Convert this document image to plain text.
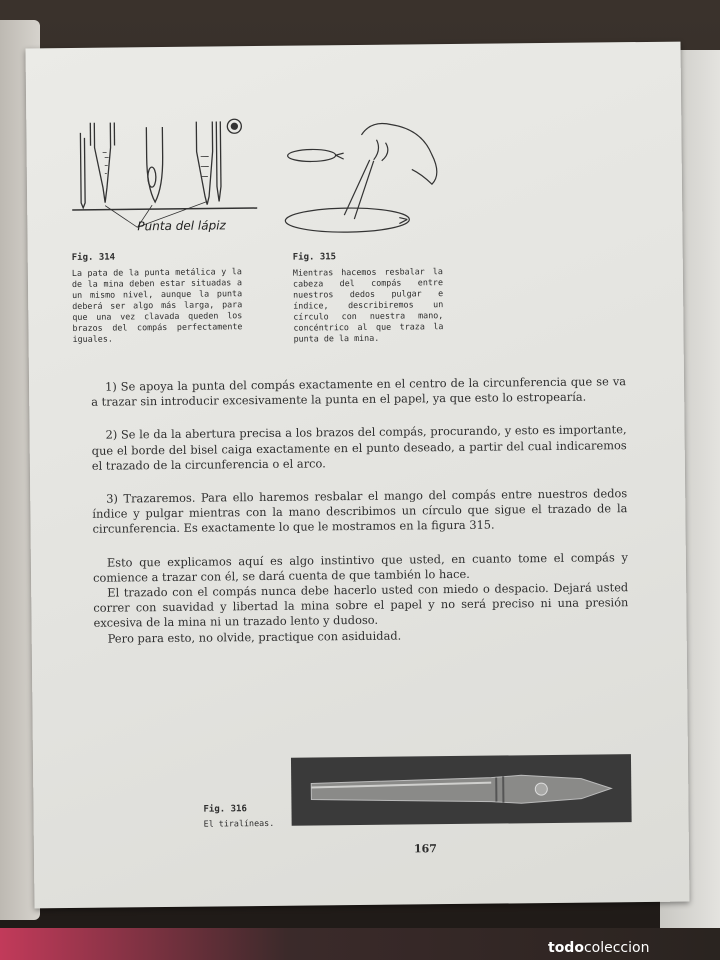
Punta del lápiz
Fig. 314
La pata de la punta metálica y la de la mina deben estar situadas a un mismo nivel, aunque la punta deberá ser algo más larga, para que una vez clavada queden los brazos del compás perfectamente iguales.
Fig. 315
Mientras hacemos resbalar la cabeza del compás entre nuestros dedos pulgar e índice, describiremos un círculo con nuestra mano, concéntrico al que traza la punta de la mina.

1) Se apoya la punta del compás exactamente en el centro de la circunferencia que se va a trazar sin introducir excesivamente la punta en el papel, ya que esto lo estropearía.

2) Se le da la abertura precisa a los brazos del compás, procurando, y esto es importante, que el borde del bisel caiga exactamente en el punto deseado, a partir del cual indicaremos el trazado de la circunferencia o el arco.

3) Trazaremos. Para ello haremos resbalar el mango del compás entre nuestros dedos índice y pulgar mientras con la mano describimos un círculo que sigue el trazado de la circunferencia. Es exactamente lo que le mostramos en la figura 315.

Esto que explicamos aquí es algo instintivo que usted, en cuanto tome el compás y comience a trazar con él, se dará cuenta de que también lo hace.

El trazado con el compás nunca debe hacerlo usted con miedo o despacio. Dejará usted correr con suavidad y libertad la mina sobre el papel y no será preciso ni una presión excesiva de la mina ni un trazado lento y dudoso.

Pero para esto, no olvide, practique con asiduidad.

Fig. 316
El tiralíneas.
167
todocoleccion
